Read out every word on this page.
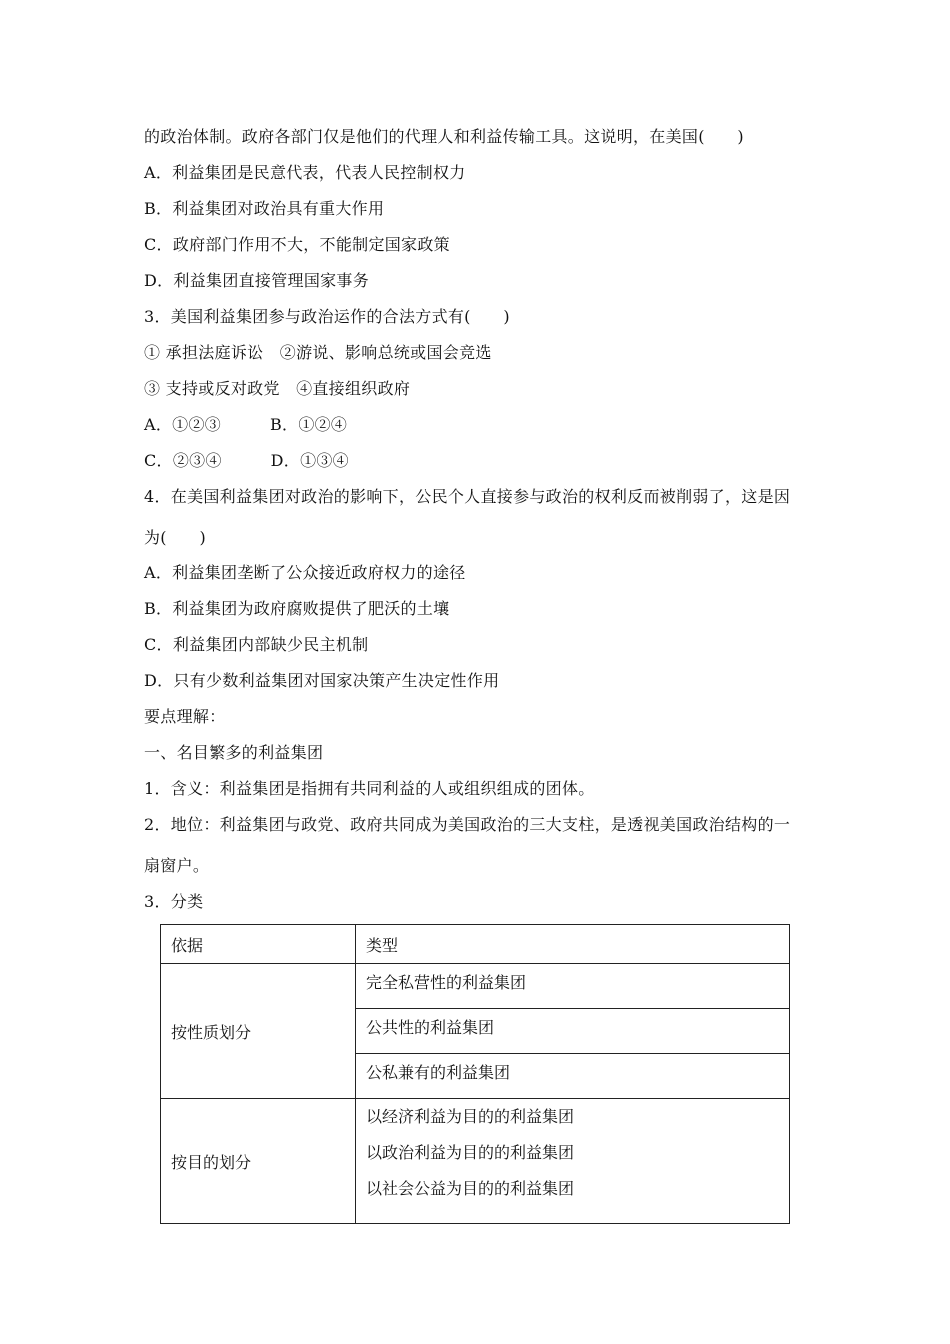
的政治体制。政府各部门仅是他们的代理人和利益传输工具。这说明，在美国(　　)
A．利益集团是民意代表，代表人民控制权力
B．利益集团对政治具有重大作用
C．政府部门作用不大，不能制定国家政策
D．利益集团直接管理国家事务
3．美国利益集团参与政治运作的合法方式有(　　)
① 承担法庭诉讼　②游说、影响总统或国会竞选
③ 支持或反对政党　④直接组织政府
A．①②③　　　B．①②④
C．②③④　　　D．①③④
4．在美国利益集团对政治的影响下，公民个人直接参与政治的权利反而被削弱了，这是因
为(　　)
A．利益集团垄断了公众接近政府权力的途径
B．利益集团为政府腐败提供了肥沃的土壤
C．利益集团内部缺少民主机制
D．只有少数利益集团对国家决策产生决定性作用
要点理解：
一、名目繁多的利益集团
1．含义：利益集团是指拥有共同利益的人或组织组成的团体。
2．地位：利益集团与政党、政府共同成为美国政治的三大支柱，是透视美国政治结构的一
扇窗户。
3．分类
依据	类型
按性质划分	完全私营性的利益集团
	公共性的利益集团
	公私兼有的利益集团
按目的划分	以经济利益为目的的利益集团
以政治利益为目的的利益集团
以社会公益为目的的利益集团
